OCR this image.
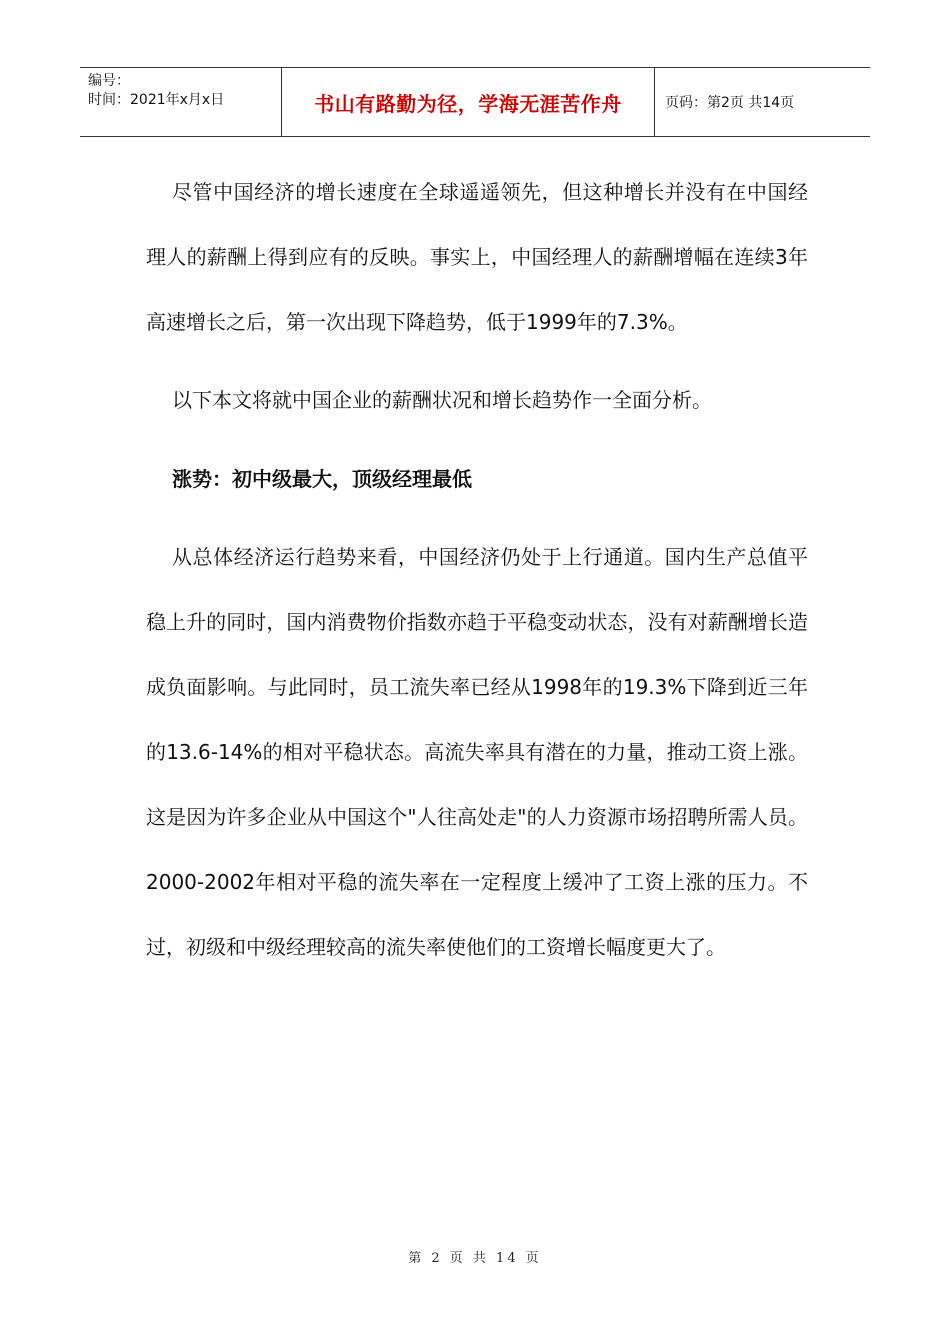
编号：
时间：2021年x月x日	书山有路勤为径，学海无涯苦作舟	页码：第2页 共14页

尽管中国经济的增长速度在全球遥遥领先，但这种增长并没有在中国经理人的薪酬上得到应有的反映。事实上，中国经理人的薪酬增幅在连续3年高速增长之后，第一次出现下降趋势，低于1999年的7.3%。

以下本文将就中国企业的薪酬状况和增长趋势作一全面分析。

涨势：初中级最大，顶级经理最低

从总体经济运行趋势来看，中国经济仍处于上行通道。国内生产总值平稳上升的同时，国内消费物价指数亦趋于平稳变动状态，没有对薪酬增长造成负面影响。与此同时，员工流失率已经从1998年的19.3%下降到近三年的13.6-14%的相对平稳状态。高流失率具有潜在的力量，推动工资上涨。这是因为许多企业从中国这个"人往高处走"的人力资源市场招聘所需人员。2000-2002年相对平稳的流失率在一定程度上缓冲了工资上涨的压力。不过，初级和中级经理较高的流失率使他们的工资增长幅度更大了。

第 2 页 共 14 页
